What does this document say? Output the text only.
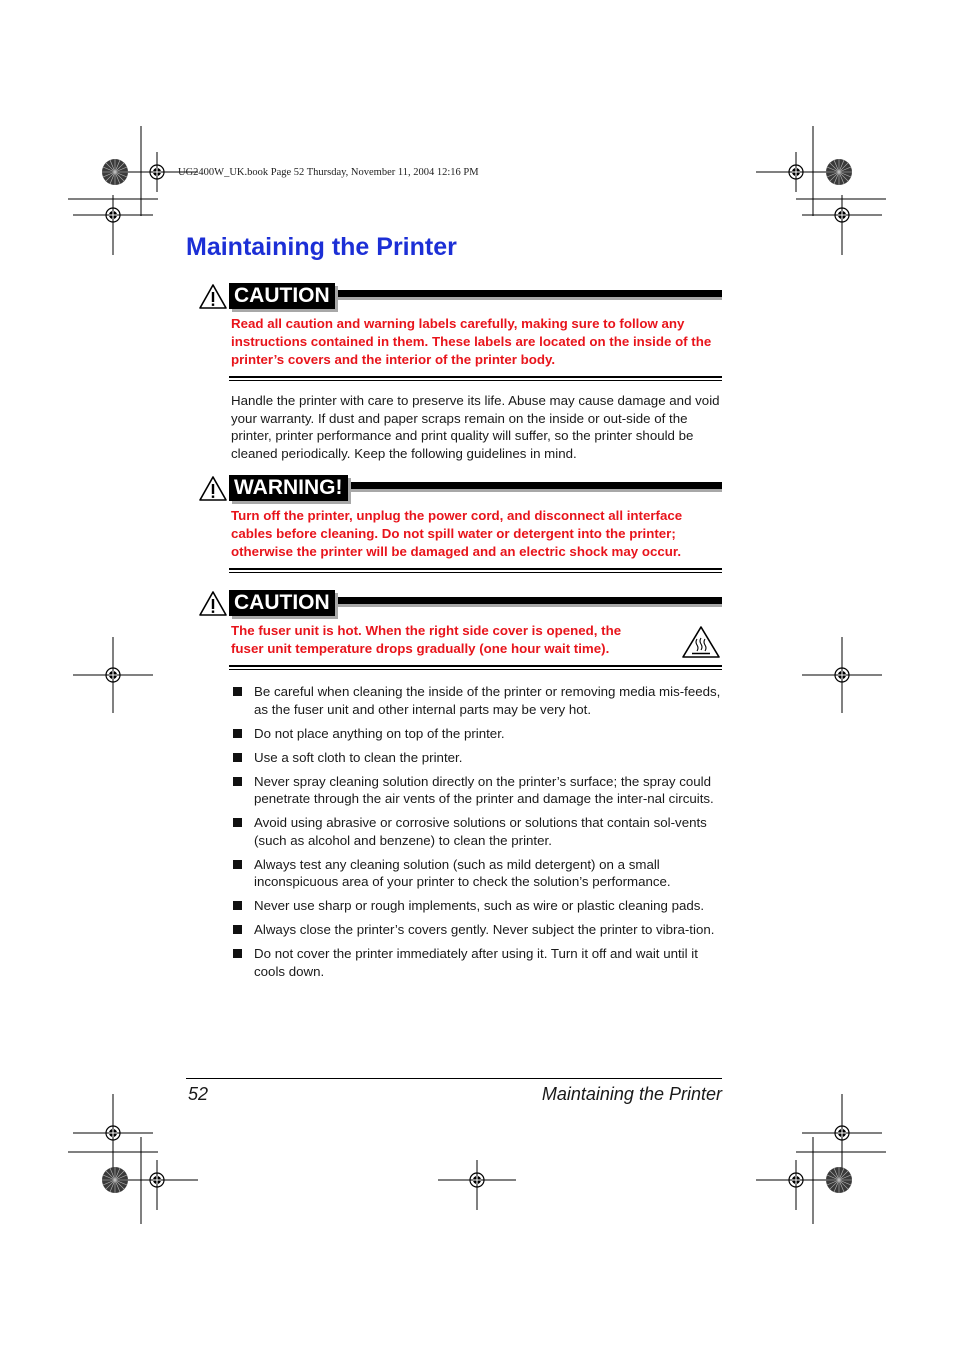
UG2400W_UK.book Page 52 Thursday, November 11, 2004 12:16 PM
Maintaining the Printer
CAUTION

Read all caution and warning labels carefully, making sure to follow any instructions contained in them. These labels are located on the inside of the printer’s covers and the interior of the printer body.

Handle the printer with care to preserve its life. Abuse may cause damage and void your warranty. If dust and paper scraps remain on the inside or out-side of the printer, printer performance and print quality will suffer, so the printer should be cleaned periodically. Keep the following guidelines in mind.

WARNING!

Turn off the printer, unplug the power cord, and disconnect all interface cables before cleaning. Do not spill water or detergent into the printer; otherwise the printer will be damaged and an electric shock may occur.

CAUTION

The fuser unit is hot. When the right side cover is opened, the fuser unit temperature drops gradually (one hour wait time).

Be careful when cleaning the inside of the printer or removing media mis-feeds, as the fuser unit and other internal parts may be very hot.
Do not place anything on top of the printer.
Use a soft cloth to clean the printer.
Never spray cleaning solution directly on the printer’s surface; the spray could penetrate through the air vents of the printer and damage the inter-nal circuits.
Avoid using abrasive or corrosive solutions or solutions that contain sol-vents (such as alcohol and benzene) to clean the printer.
Always test any cleaning solution (such as mild detergent) on a small inconspicuous area of your printer to check the solution’s performance.
Never use sharp or rough implements, such as wire or plastic cleaning pads.
Always close the printer’s covers gently. Never subject the printer to vibra-tion.
Do not cover the printer immediately after using it. Turn it off and wait until it cools down.
52	Maintaining the Printer
